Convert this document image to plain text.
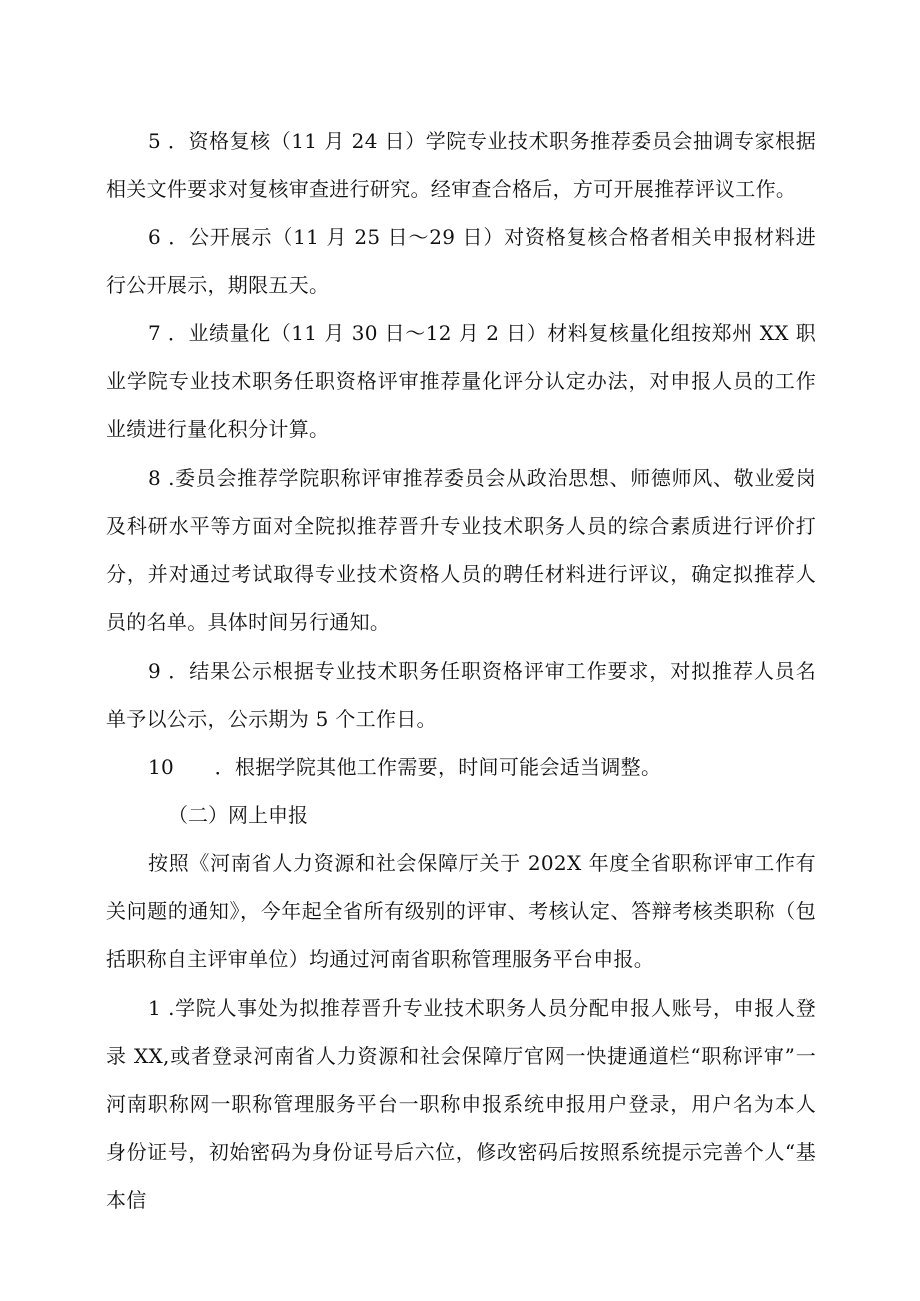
5 ．资格复核（11 月 24 日）学院专业技术职务推荐委员会抽调专家根据相关文件要求对复核审查进行研究。经审查合格后，方可开展推荐评议工作。

6 ．公开展示（11 月 25 日～29 日）对资格复核合格者相关申报材料进行公开展示，期限五天。

7 ．业绩量化（11 月 30 日～12 月 2 日）材料复核量化组按郑州 XX 职业学院专业技术职务任职资格评审推荐量化评分认定办法，对申报人员的工作业绩进行量化积分计算。

8 .委员会推荐学院职称评审推荐委员会从政治思想、师德师风、敬业爱岗及科研水平等方面对全院拟推荐晋升专业技术职务人员的综合素质进行评价打分，并对通过考试取得专业技术资格人员的聘任材料进行评议，确定拟推荐人员的名单。具体时间另行通知。

9 ．结果公示根据专业技术职务任职资格评审工作要求，对拟推荐人员名单予以公示，公示期为 5 个工作日。

10　　．根据学院其他工作需要，时间可能会适当调整。

（二）网上申报

按照《河南省人力资源和社会保障厅关于 202X 年度全省职称评审工作有关问题的通知》，今年起全省所有级别的评审、考核认定、答辩考核类职称（包括职称自主评审单位）均通过河南省职称管理服务平台申报。

1 .学院人事处为拟推荐晋升专业技术职务人员分配申报人账号，申报人登录 XX,或者登录河南省人力资源和社会保障厅官网一快捷通道栏“职称评审”一河南职称网一职称管理服务平台一职称申报系统申报用户登录，用户名为本人身份证号，初始密码为身份证号后六位，修改密码后按照系统提示完善个人“基本信
